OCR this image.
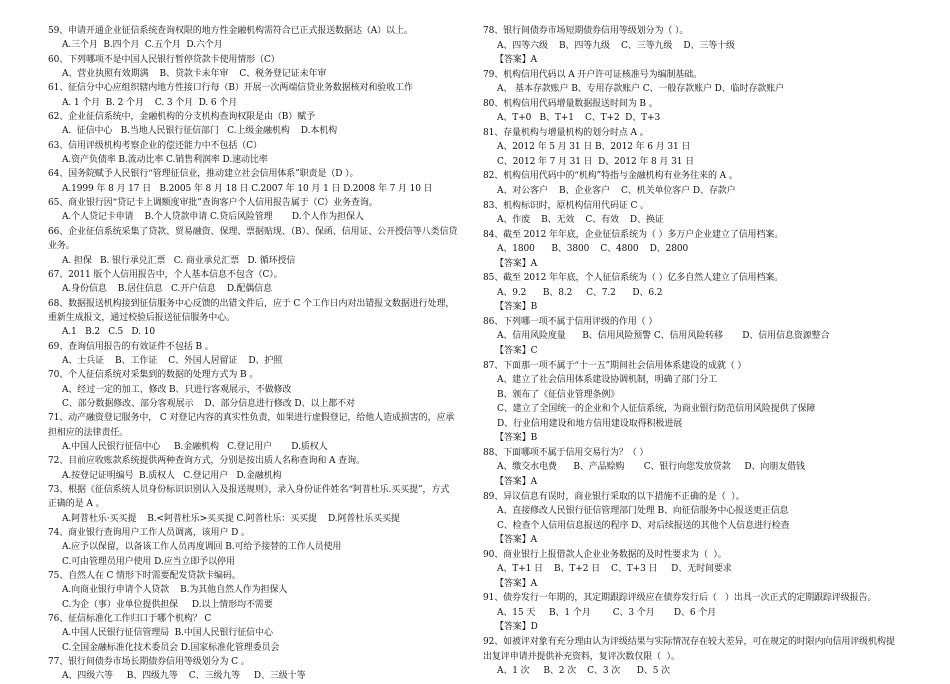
59、申请开通企业征信系统查询权限的地方性金融机构需符合已正式报送数据达（A）以上。
A.三个月  B.四个月  C.五个月  D.六个月
60、下列哪项不是中国人民银行暂停贷款卡使用情形（C）
A、营业执照有效期满    B、贷款卡未年审    C、税务登记证未年审
61、征信分中心应组织辖内地方性接口行每（B）开展一次两端信贷业务数据核对和验收工作
A. 1 个月  B. 2 个月    C. 3 个月  D. 6 个月
62、企业征信系统中，金融机构的分支机构查询权限是由（B）赋予
A.  征信中心   B.当地人民银行征信部门   C.上级金融机构    D.本机构
63、信用评级机构考察企业的偿还能力中不包括（C）
A.资产负债率 B.流动比率 C.销售利润率 D.速动比率
64、国务院赋予人民银行“管理征信业，推动建立社会信用体系”职责是（D ）。
A.1999 年 8 月 17 日   B.2005 年 8 月 18 日 C.2007 年 10 月 1 日 D.2008 年 7 月 10 日
65、商业银行因“贷记卡上调额度审批”查询客户个人信用报告属于（C）业务查询。
A.个人贷记卡申请    B.个人贷款申请 C.贷后风险管理       D.个人作为担保人
66、企业征信系统采集了贷款、贸易融资、保理、票据贴现、（B）、保函、信用证、公开授信等八类信贷业务。
A. 担保   B. 银行承兑汇票   C. 商业承兑汇票   D. 循环授信
67、2011 版个人信用报告中，个人基本信息不包含（C）。
A.身份信息    B.居住信息   C.开户信息    D.配偶信息
68、数据报送机构接到征信服务中心反馈的出错文件后，应于 C 个工作日内对出错报文数据进行处理，重新生成报文，通过校验后报送征信服务中心。
A.1   B.2   C.5   D. 10
69、查询信用报告的有效证件不包括 B 。
A、士兵证    B、工作证    C、外国人居留证    D、护照
70、个人征信系统对采集到的数据的处理方式为 B 。
A、经过一定的加工、修改 B、只进行客观展示，不做修改
C、部分数据修改、部分客观展示    D、部分信息进行修改 D、以上都不对
71、动产融资登记服务中， C 对登记内容的真实性负责，如果进行虚假登记，给他人造成损害的，应承担相应的法律责任。
A.中国人民银行征信中心     B.金融机构   C.登记用户       D.质权人
72、目前应收账款系统提供两种查询方式，分别是按出质人名称查询和 A 查询。
A.按登记证明编号  B.质权人   C.登记用户   D.金融机构
73、根据《征信系统人员身份标识识别认入及报送规则》，录入身份证件姓名“阿普杜乐.买买提”，方式正确的是 A 。
A.阿普杜乐·买买提    B.<阿普杜乐>买买提 C.阿普杜乐：买买提    D.阿普杜乐买买提
74、商业银行查询用户工作人员调离，该用户 D 。
A.应予以保留，以备该工作人员再度调回 B.可给予接替的工作人员使用
C.可由管理员用户使用 D.应当立即予以停用
75、自然人在 C 情形下时需要配发贷款卡编码。
A.向商业银行申请个人贷款    B.为其他自然人作为担保人
C.为企（事）业单位提供担保     D.以上情形均不需要
76、征信标准化工作归口于哪个机构？ C
A.中国人民银行征信管理局  B.中国人民银行征信中心
C.全国金融标准化技术委员会 D.国家标准化管理委员会
77、银行间债券市场长期债券信用等级划分为 C 。
A、四级六等     B、四级九等    C、三级九等     D、三级十等
78、银行间债券市场短期债券信用等级划分为（ ）。
A、四等六级    B、四等九级    C、三等九级    D、三等十级
【答案】A
79、机构信用代码以 A 开户许可证核准号为编制基础。
A、 基本存款账户 B、专用存款账户 C、一般存款账户 D、临时存款账户
80、机构信用代码增量数据报送时间为 B 。
A、T+0   B、T+1    C、T+2  D、T+3
81、存量机构与增量机构的划分时点 A 。
A、2012 年 5 月 31 日 B、2012 年 6 月 31 日
C、2012 年 7 月 31 日  D、2012 年 8 月 31 日
82、机构信用代码中的“机构”特指与金融机构有业务往来的 A 。
A、对公客户    B、企业客户    C、机关单位客户 D、存款户
83、机构标识时，原机构信用代码证 C 。
A、作废    B、无效    C、有效    D、换证
84、截至 2012 年年底，企业征信系统为（ ）多万户企业建立了信用档案。
A、1800      B、3800    C、4800    D、2800
【答案】A
85、截至 2012 年年底，个人征信系统为（ ）亿多自然人建立了信用档案。
A、9.2      B、8.2     C、7.2      D、6.2
【答案】B
86、下列哪一项不属于信用评级的作用（ ）
A、信用风险度量      B、信用风险预警 C、信用风险转移       D、信用信息资源整合
【答案】C
87、下面那一项不属于“十一五”期间社会信用体系建设的成就（ ）
A、建立了社会信用体系建设协调机制，明确了部门分工
B、颁布了《征信业管理条例》
C、建立了全国统一的企业和个人征信系统，为商业银行防范信用风险提供了保障
D、行业信用建设和地方信用建设取得积极进展
【答案】B
88、下面哪项不属于信用交易行为？（ ）
A、缴交水电费      B、产品赊购       C、银行向您发放贷款     D、向朋友借钱
【答案】A
89、异议信息有误时，商业银行采取的以下措施不正确的是（  ）。
A、直接修改人民银行征信管理部门处理 B、向征信服务中心报送更正信息
C、检查个人信用信息报送的程序 D、对后续报送的其他个人信息进行检查
【答案】A
90、商业银行上报借款人企业业务数据的及时性要求为（  ）。
A、T+1 日    B、T+2 日    C、T+3 日     D、无时间要求
【答案】A
91、债券发行一年期的，其定期跟踪评级应在债券发行后（   ）出具一次正式的定期跟踪评级报告。
A、15 天     B、1 个月        C、3 个月       D、6 个月
【答案】D
92、如被评对象有充分理由认为评级结果与实际情况存在较大差异，可在规定的时限内向信用评级机构提出复评申请并提供补充资料，复评次数仅限（  ）。
A、1 次     B、2 次    C、3 次      D、5 次
